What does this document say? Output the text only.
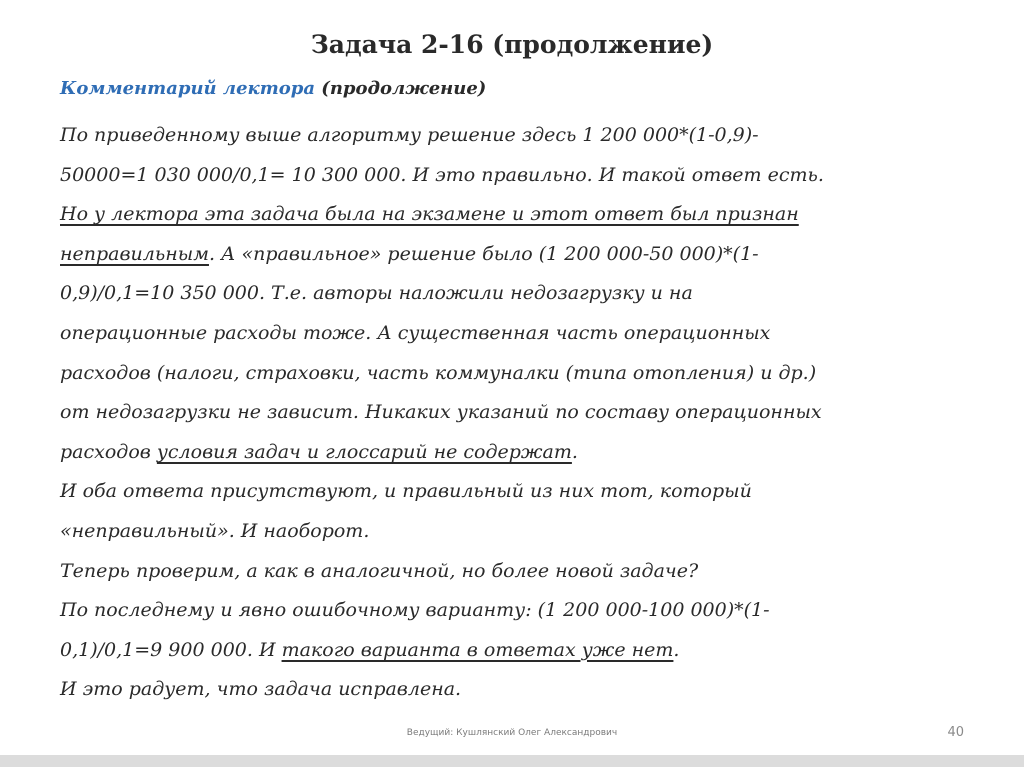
Задача 2-16 (продолжение)
Комментарий лектора (продолжение)
По приведенному выше алгоритму решение здесь 1 200 000*(1-0,9)-
50000=1 030 000/0,1= 10 300 000. И это правильно. И такой ответ есть.
Но у лектора эта задача была на экзамене и этот ответ был признан
неправильным. А «правильное» решение было (1 200 000-50 000)*(1-
0,9)/0,1=10 350 000. Т.е. авторы наложили недозагрузку и на
операционные расходы тоже. А существенная часть операционных
расходов (налоги, страховки, часть коммуналки (типа отопления) и др.)
от недозагрузки не зависит. Никаких указаний по составу операционных
расходов условия задач и глоссарий не содержат.
И оба ответа присутствуют, и правильный из них тот, который
«неправильный». И наоборот.
Теперь проверим, а как в аналогичной, но более новой задаче?
По последнему и явно ошибочному варианту: (1 200 000-100 000)*(1-
0,1)/0,1=9 900 000. И такого варианта в ответах уже нет.
И это радует, что задача исправлена.
Ведущий: Кушлянский Олег Александрович	40
